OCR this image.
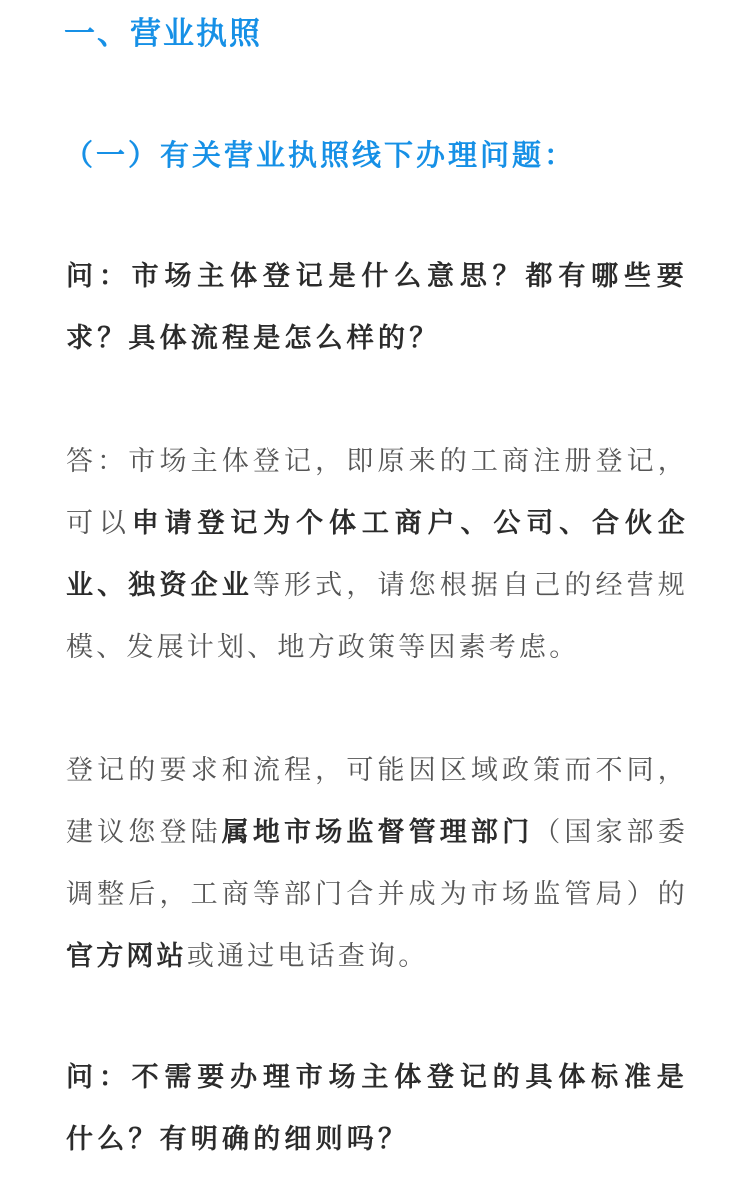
一、营业执照
（一）有关营业执照线下办理问题：

问：市场主体登记是什么意思？都有哪些要求？具体流程是怎么样的？

答：市场主体登记，即原来的工商注册登记，可以申请登记为个体工商户、公司、合伙企业、独资企业等形式，请您根据自己的经营规模、发展计划、地方政策等因素考虑。

登记的要求和流程，可能因区域政策而不同，建议您登陆属地市场监督管理部门（国家部委调整后，工商等部门合并成为市场监管局）的官方网站或通过电话查询。

问：不需要办理市场主体登记的具体标准是什么？有明确的细则吗？
